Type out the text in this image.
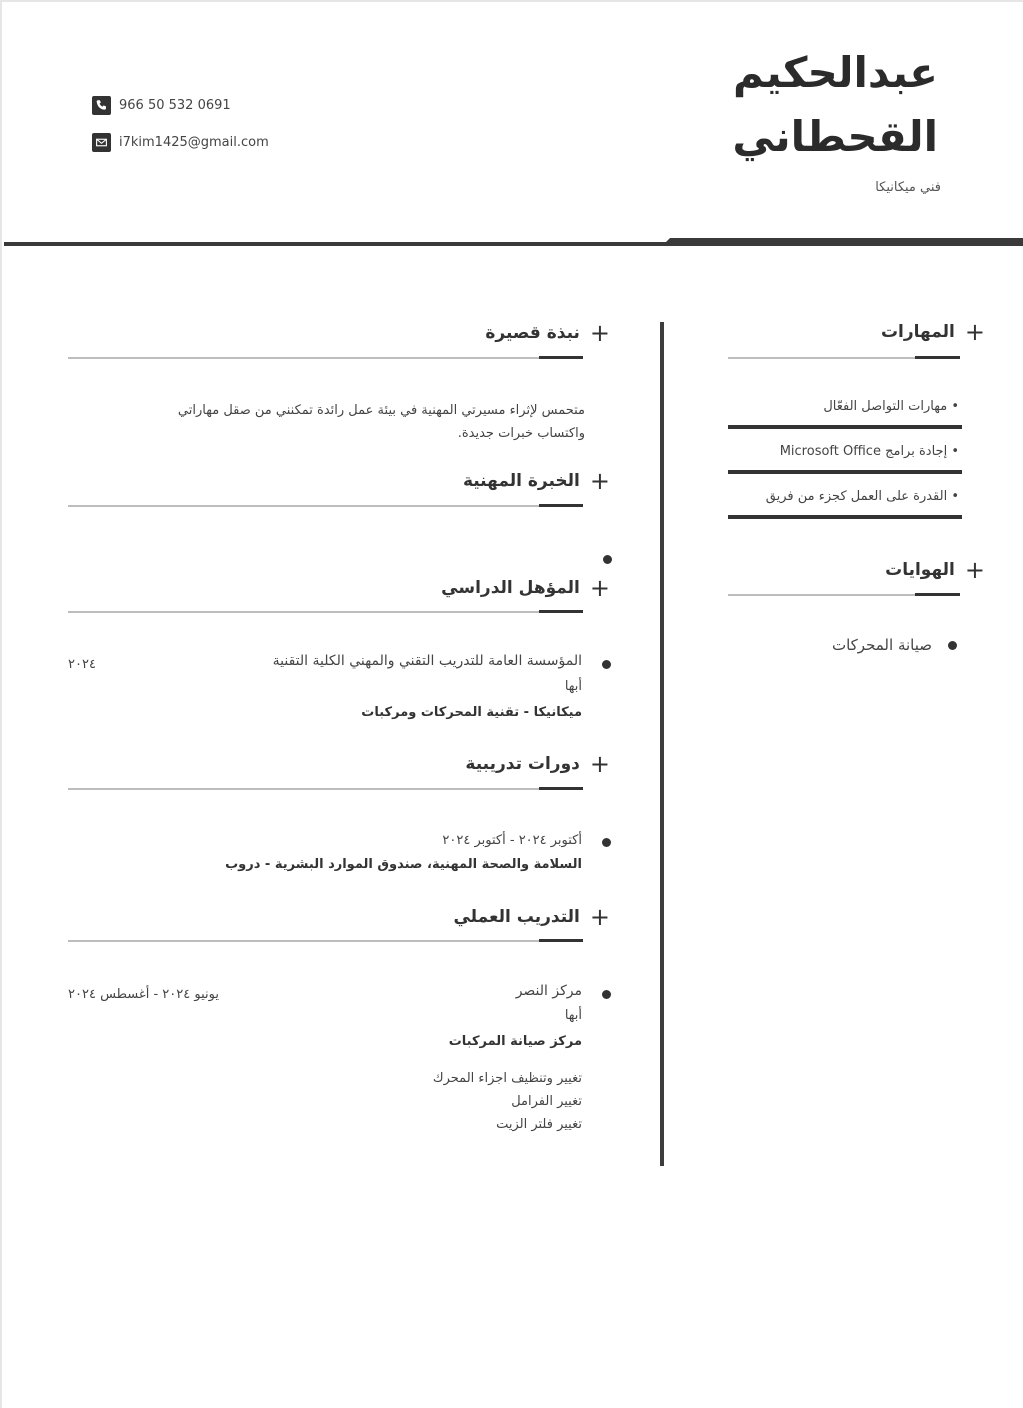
عبدالحكيم
القحطاني
فني ميكانيكا
966 50 532 0691
i7kim1425@gmail.com
+
المهارات
• مهارات التواصل الفعّال
• إجادة برامج Microsoft Office
• القدرة على العمل كجزء من فريق
+
الهوايات
صيانة المحركات
+
نبذة قصيرة
متحمس لإثراء مسيرتي المهنية في بيئة عمل رائدة تمكنني من صقل مهاراتي
واكتساب خبرات جديدة.
+
الخبرة المهنية
+
المؤهل الدراسي
المؤسسة العامة للتدريب التقني والمهني الكلية التقنية
٢٠٢٤
أبها
ميكانيكا - تقنية المحركات ومركبات
+
دورات تدريبية
أكتوبر ٢٠٢٤ - أكتوبر ٢٠٢٤
السلامة والصحة المهنية، صندوق الموارد البشرية - دروب
+
التدريب العملي
مركز النصر
يونيو ٢٠٢٤ - أغسطس ٢٠٢٤
أبها
مركز صيانة المركبات
تغيير وتنظيف اجزاء المحرك
تغيير الفرامل
تغيير فلتر الزيت
